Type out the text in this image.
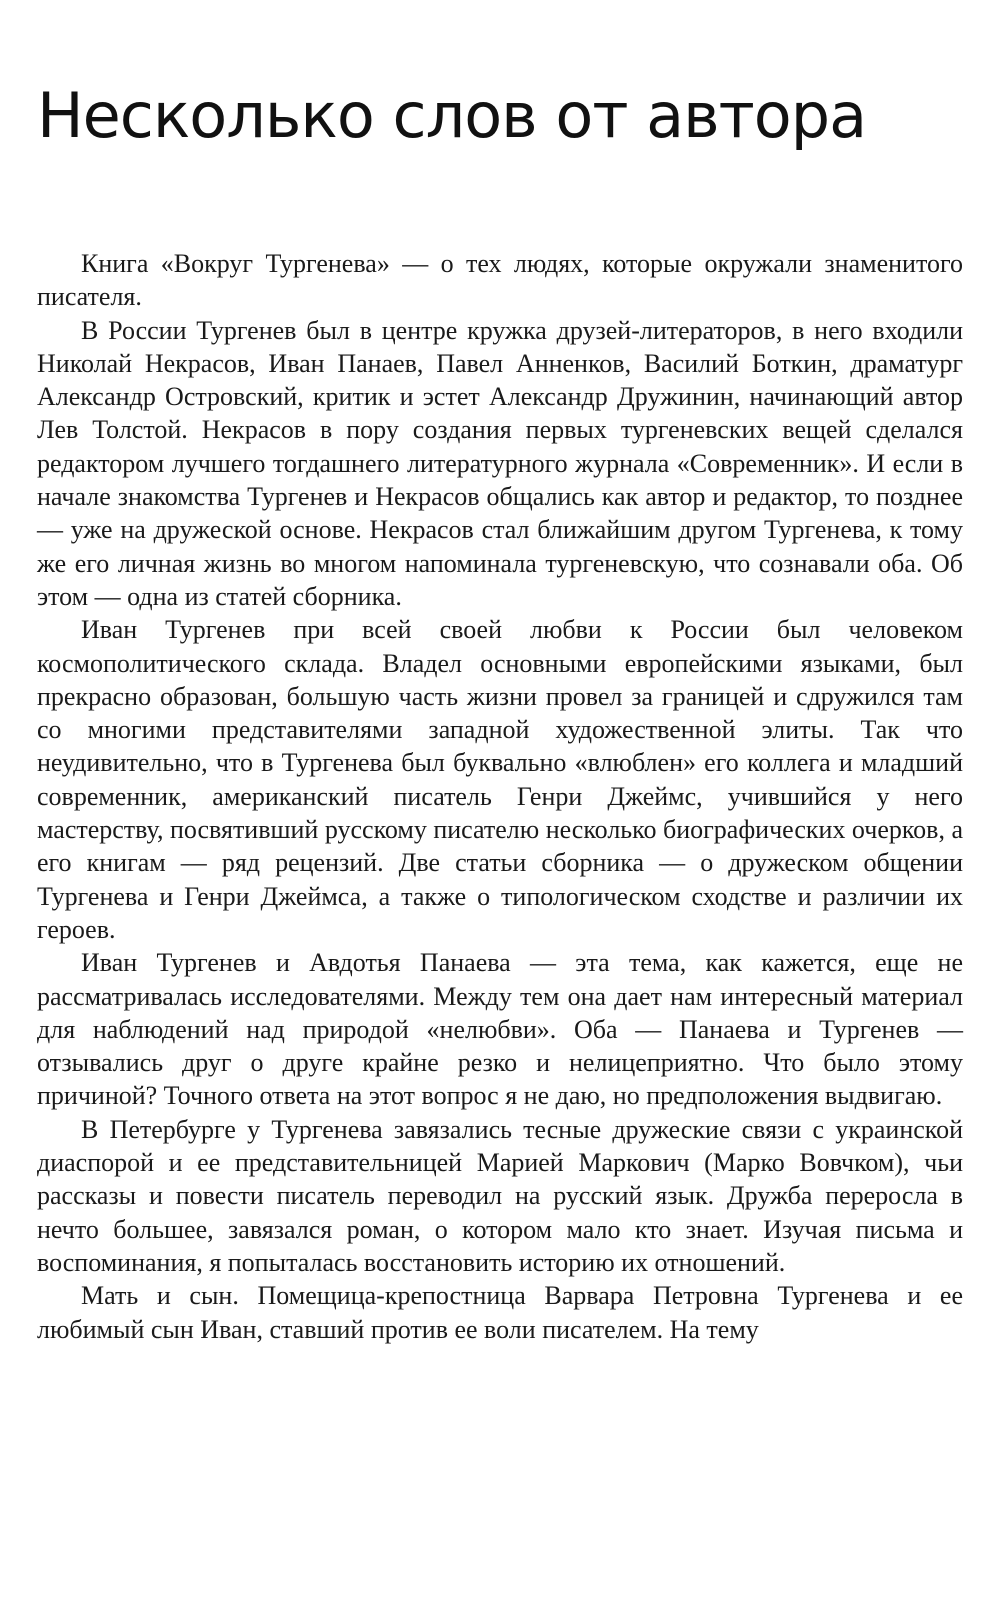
Несколько слов от автора

Книга «Вокруг Тургенева» — о тех людях, которые окружали знаменитого писателя.

В России Тургенев был в центре кружка друзей-литераторов, в него входили Николай Некрасов, Иван Панаев, Павел Анненков, Василий Боткин, драматург Александр Островский, критик и эстет Александр Дружинин, начинающий автор Лев Толстой. Некрасов в пору создания первых тургеневских вещей сделался редактором лучшего тогдашнего литературного журнала «Современник». И если в начале знакомства Тургенев и Некрасов общались как автор и редактор, то позднее — уже на дружеской основе. Некрасов стал ближайшим другом Тургенева, к тому же его личная жизнь во многом напоминала тургеневскую, что сознавали оба. Об этом — одна из статей сборника.

Иван Тургенев при всей своей любви к России был человеком космополитического склада. Владел основными европейскими языками, был прекрасно образован, большую часть жизни провел за границей и сдружился там со многими представителями западной художественной элиты. Так что неудивительно, что в Тургенева был буквально «влюблен» его коллега и младший современник, американский писатель Генри Джеймс, учившийся у него мастерству, посвятивший русскому писателю несколько биографических очерков, а его книгам — ряд рецензий. Две статьи сборника — о дружеском общении Тургенева и Генри Джеймса, а также о типологическом сходстве и различии их героев.

Иван Тургенев и Авдотья Панаева — эта тема, как кажется, еще не рассматривалась исследователями. Между тем она дает нам интересный материал для наблюдений над природой «нелюбви». Оба — Панаева и Тургенев — отзывались друг о друге крайне резко и нелицеприятно. Что было этому причиной? Точного ответа на этот вопрос я не даю, но предположения выдвигаю.

В Петербурге у Тургенева завязались тесные дружеские связи с украинской диаспорой и ее представительницей Марией Маркович (Марко Вовчком), чьи рассказы и повести писатель переводил на русский язык. Дружба переросла в нечто большее, завязался роман, о котором мало кто знает. Изучая письма и воспоминания, я попыталась восстановить историю их отношений.

Мать и сын. Помещица-крепостница Варвара Петровна Тургенева и ее любимый сын Иван, ставший против ее воли писателем. На тему
